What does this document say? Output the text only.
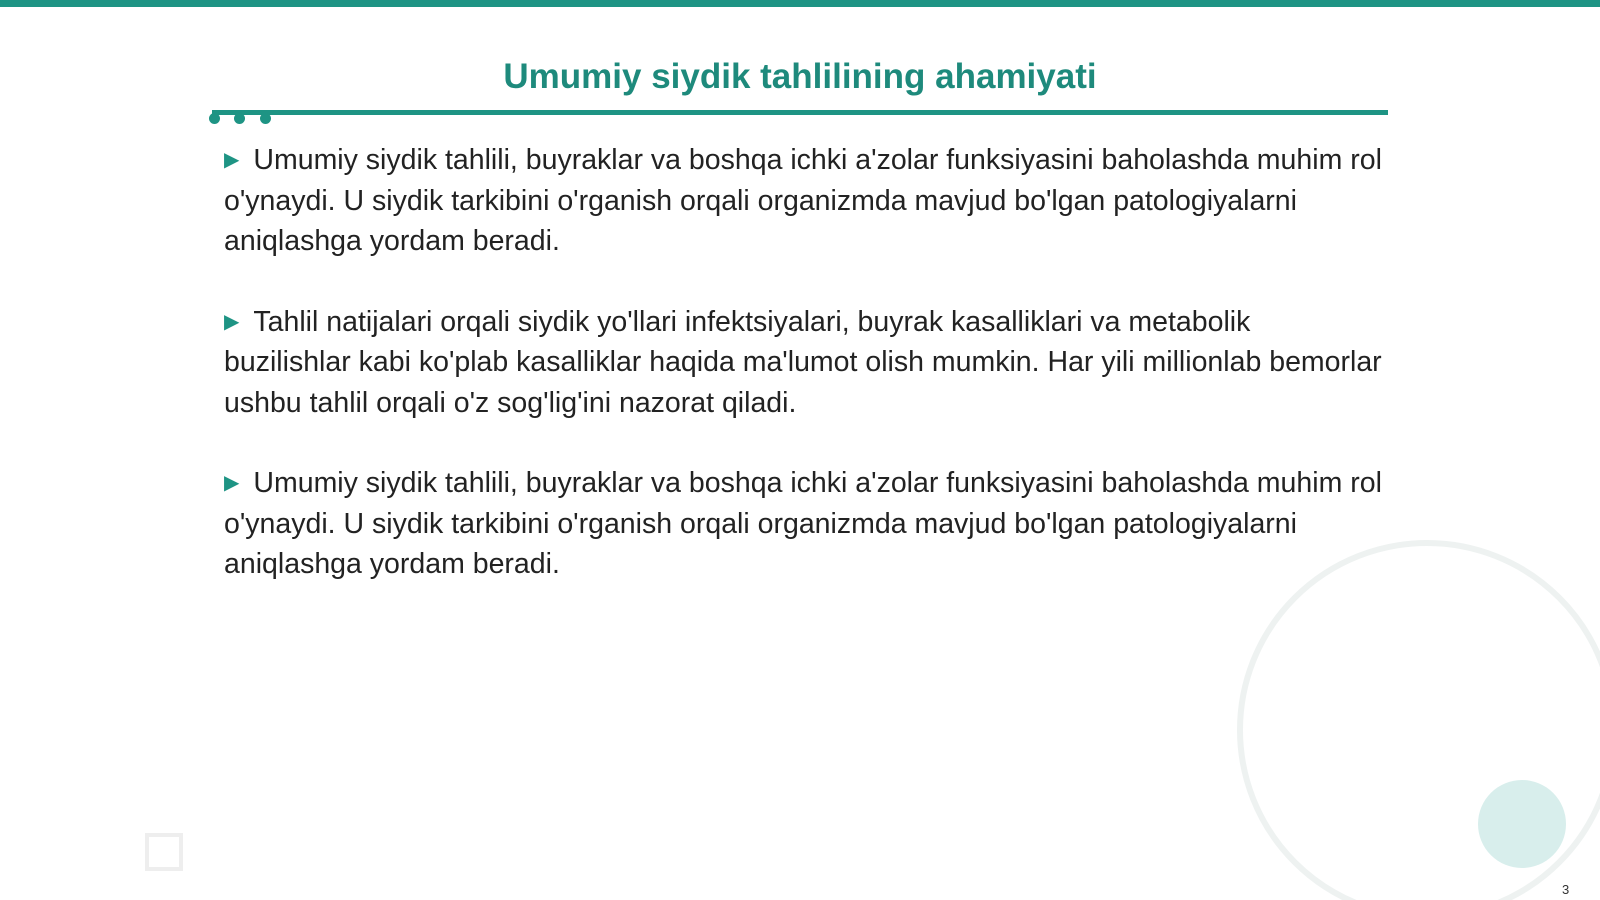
Umumiy siydik tahlilining ahamiyati

▶ Umumiy siydik tahlili, buyraklar va boshqa ichki a'zolar funksiyasini baholashda muhim rol o'ynaydi. U siydik tarkibini o'rganish orqali organizmda mavjud bo'lgan patologiyalarni aniqlashga yordam beradi.

▶ Tahlil natijalari orqali siydik yo'llari infektsiyalari, buyrak kasalliklari va metabolik buzilishlar kabi ko'plab kasalliklar haqida ma'lumot olish mumkin. Har yili millionlab bemorlar ushbu tahlil orqali o'z sog'lig'ini nazorat qiladi.

▶ Umumiy siydik tahlili, buyraklar va boshqa ichki a'zolar funksiyasini baholashda muhim rol o'ynaydi. U siydik tarkibini o'rganish orqali organizmda mavjud bo'lgan patologiyalarni aniqlashga yordam beradi.

3
